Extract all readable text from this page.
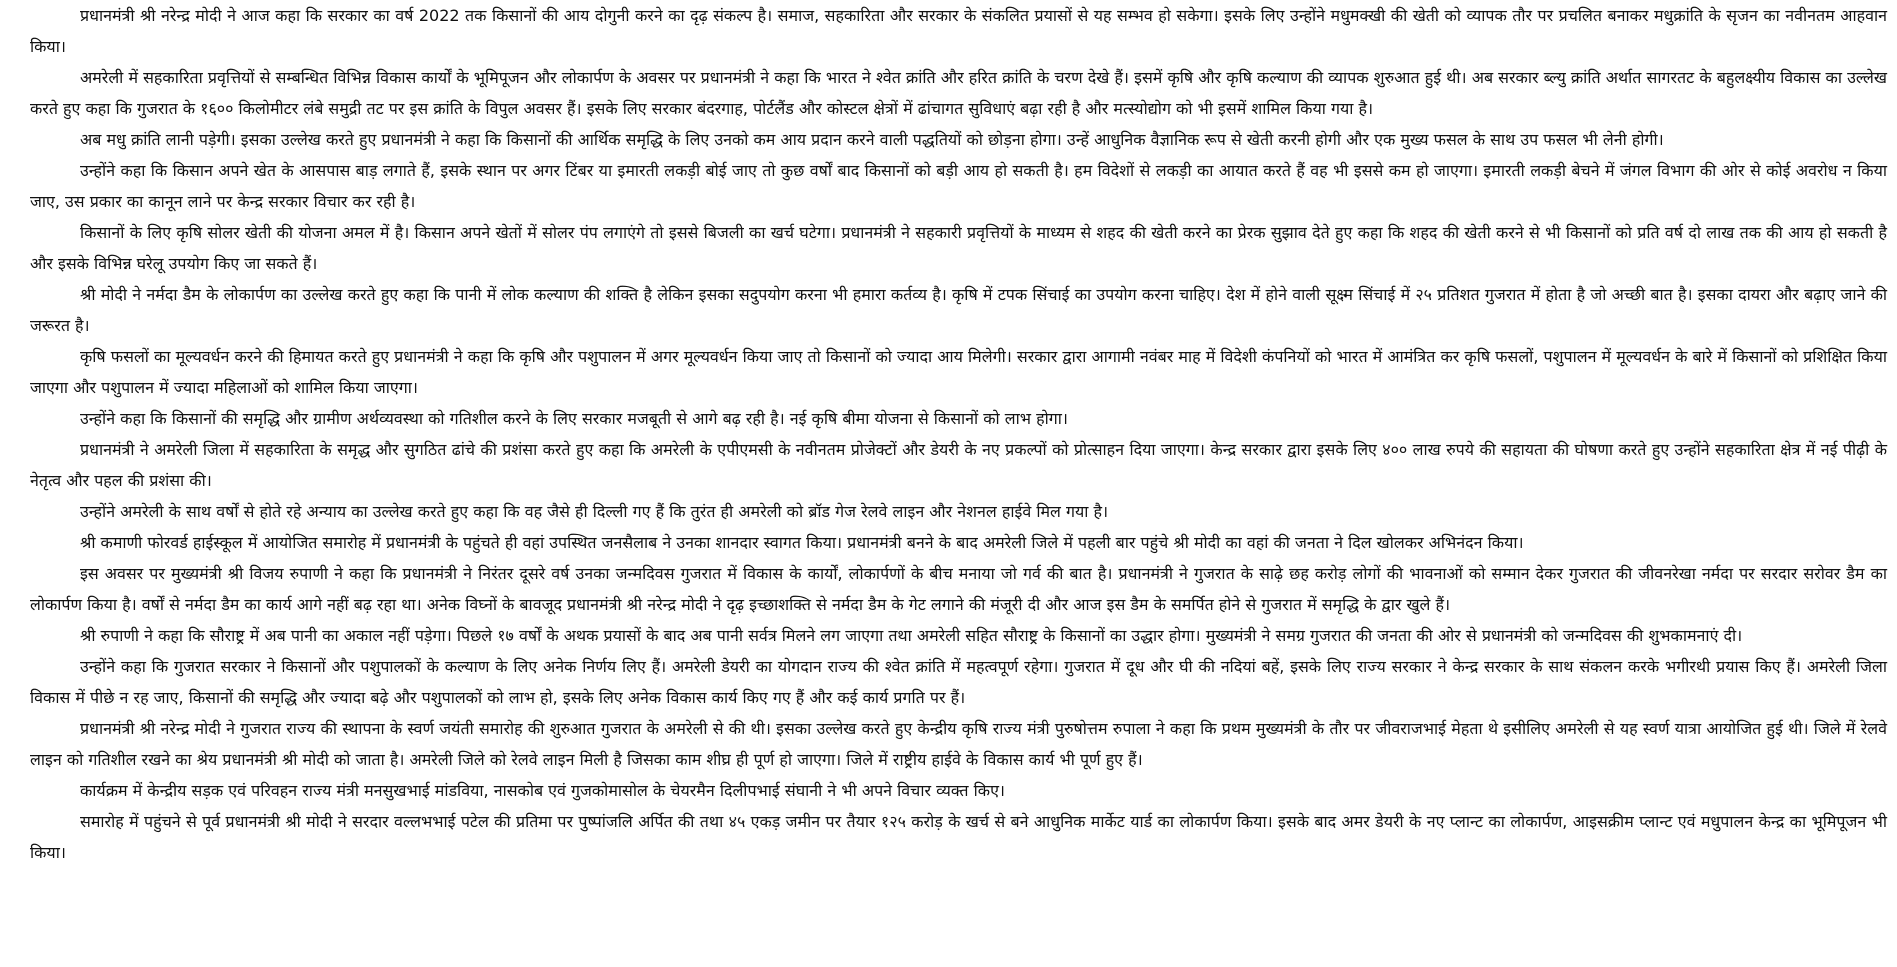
प्रधानमंत्री श्री नरेन्द्र मोदी ने आज कहा कि सरकार का वर्ष 2022 तक किसानों की आय दोगुनी करने का दृढ़ संकल्प है। समाज, सहकारिता और सरकार के संकलित प्रयासों से यह सम्भव हो सकेगा। इसके लिए उन्होंने मधुमक्खी की खेती को व्यापक तौर पर प्रचलित बनाकर मधुक्रांति के सृजन का नवीनतम आहवान किया।

अमरेली में सहकारिता प्रवृत्तियों से सम्बन्धित विभिन्न विकास कार्यों के भूमिपूजन और लोकार्पण के अवसर पर प्रधानमंत्री ने कहा कि भारत ने श्वेत क्रांति और हरित क्रांति के चरण देखे हैं। इसमें कृषि और कृषि कल्याण की व्यापक शुरुआत हुई थी। अब सरकार ब्ल्यु क्रांति अर्थात सागरतट के बहुलक्ष्यीय विकास का उल्लेख करते हुए कहा कि गुजरात के १६०० किलोमीटर लंबे समुद्री तट पर इस क्रांति के विपुल अवसर हैं। इसके लिए सरकार बंदरगाह, पोर्टलैंड और कोस्टल क्षेत्रों में ढांचागत सुविधाएं बढ़ा रही है और मत्स्योद्योग को भी इसमें शामिल किया गया है।

अब मधु क्रांति लानी पड़ेगी। इसका उल्लेख करते हुए प्रधानमंत्री ने कहा कि किसानों की आर्थिक समृद्धि के लिए उनको कम आय प्रदान करने वाली पद्धतियों को छोड़ना होगा। उन्हें आधुनिक वैज्ञानिक रूप से खेती करनी होगी और एक मुख्य फसल के साथ उप फसल भी लेनी होगी।

उन्होंने कहा कि किसान अपने खेत के आसपास बाड़ लगाते हैं, इसके स्थान पर अगर टिंबर या इमारती लकड़ी बोई जाए तो कुछ वर्षों बाद किसानों को बड़ी आय हो सकती है। हम विदेशों से लकड़ी का आयात करते हैं वह भी इससे कम हो जाएगा। इमारती लकड़ी बेचने में जंगल विभाग की ओर से कोई अवरोध न किया जाए, उस प्रकार का कानून लाने पर केन्द्र सरकार विचार कर रही है।

किसानों के लिए कृषि सोलर खेती की योजना अमल में है। किसान अपने खेतों में सोलर पंप लगाएंगे तो इससे बिजली का खर्च घटेगा। प्रधानमंत्री ने सहकारी प्रवृत्तियों के माध्यम से शहद की खेती करने का प्रेरक सुझाव देते हुए कहा कि शहद की खेती करने से भी किसानों को प्रति वर्ष दो लाख तक की आय हो सकती है और इसके विभिन्न घरेलू उपयोग किए जा सकते हैं।

श्री मोदी ने नर्मदा डैम के लोकार्पण का उल्लेख करते हुए कहा कि पानी में लोक कल्याण की शक्ति है लेकिन इसका सदुपयोग करना भी हमारा कर्तव्य है। कृषि में टपक सिंचाई का उपयोग करना चाहिए। देश में होने वाली सूक्ष्म सिंचाई में २५ प्रतिशत गुजरात में होता है जो अच्छी बात है। इसका दायरा और बढ़ाए जाने की जरूरत है।

कृषि फसलों का मूल्यवर्धन करने की हिमायत करते हुए प्रधानमंत्री ने कहा कि कृषि और पशुपालन में अगर मूल्यवर्धन किया जाए तो किसानों को ज्यादा आय मिलेगी। सरकार द्वारा आगामी नवंबर माह में विदेशी कंपनियों को भारत में आमंत्रित कर कृषि फसलों, पशुपालन में मूल्यवर्धन के बारे में किसानों को प्रशिक्षित किया जाएगा और पशुपालन में ज्यादा महिलाओं को शामिल किया जाएगा।

उन्होंने कहा कि किसानों की समृद्धि और ग्रामीण अर्थव्यवस्था को गतिशील करने के लिए सरकार मजबूती से आगे बढ़ रही है। नई कृषि बीमा योजना से किसानों को लाभ होगा।

प्रधानमंत्री ने अमरेली जिला में सहकारिता के समृद्ध और सुगठित ढांचे की प्रशंसा करते हुए कहा कि अमरेली के एपीएमसी के नवीनतम प्रोजेक्टों और डेयरी के नए प्रकल्पों को प्रोत्साहन दिया जाएगा। केन्द्र सरकार द्वारा इसके लिए ४०० लाख रुपये की सहायता की घोषणा करते हुए उन्होंने सहकारिता क्षेत्र में नई पीढ़ी के नेतृत्व और पहल की प्रशंसा की।

उन्होंने अमरेली के साथ वर्षों से होते रहे अन्याय का उल्लेख करते हुए कहा कि वह जैसे ही दिल्ली गए हैं कि तुरंत ही अमरेली को ब्रॉड गेज रेलवे लाइन और नेशनल हाईवे मिल गया है।

श्री कमाणी फोरवर्ड हाईस्कूल में आयोजित समारोह में प्रधानमंत्री के पहुंचते ही वहां उपस्थित जनसैलाब ने उनका शानदार स्वागत किया। प्रधानमंत्री बनने के बाद अमरेली जिले में पहली बार पहुंचे श्री मोदी का वहां की जनता ने दिल खोलकर अभिनंदन किया।

इस अवसर पर मुख्यमंत्री श्री विजय रुपाणी ने कहा कि प्रधानमंत्री ने निरंतर दूसरे वर्ष उनका जन्मदिवस गुजरात में विकास के कार्यों, लोकार्पणों के बीच मनाया जो गर्व की बात है। प्रधानमंत्री ने गुजरात के साढ़े छह करोड़ लोगों की भावनाओं को सम्मान देकर गुजरात की जीवनरेखा नर्मदा पर सरदार सरोवर डैम का लोकार्पण किया है। वर्षों से नर्मदा डैम का कार्य आगे नहीं बढ़ रहा था। अनेक विघ्नों के बावजूद प्रधानमंत्री श्री नरेन्द्र मोदी ने दृढ़ इच्छाशक्ति से नर्मदा डैम के गेट लगाने की मंजूरी दी और आज इस डैम के समर्पित होने से गुजरात में समृद्धि के द्वार खुले हैं।

श्री रुपाणी ने कहा कि सौराष्ट्र में अब पानी का अकाल नहीं पड़ेगा। पिछले १७ वर्षों के अथक प्रयासों के बाद अब पानी सर्वत्र मिलने लग जाएगा तथा अमरेली सहित सौराष्ट्र के किसानों का उद्धार होगा। मुख्यमंत्री ने समग्र गुजरात की जनता की ओर से प्रधानमंत्री को जन्मदिवस की शुभकामनाएं दी।

उन्होंने कहा कि गुजरात सरकार ने किसानों और पशुपालकों के कल्याण के लिए अनेक निर्णय लिए हैं। अमरेली डेयरी का योगदान राज्य की श्वेत क्रांति में महत्वपूर्ण रहेगा। गुजरात में दूध और घी की नदियां बहें, इसके लिए राज्य सरकार ने केन्द्र सरकार के साथ संकलन करके भगीरथी प्रयास किए हैं। अमरेली जिला विकास में पीछे न रह जाए, किसानों की समृद्धि और ज्यादा बढ़े और पशुपालकों को लाभ हो, इसके लिए अनेक विकास कार्य किए गए हैं और कई कार्य प्रगति पर हैं।

प्रधानमंत्री श्री नरेन्द्र मोदी ने गुजरात राज्य की स्थापना के स्वर्ण जयंती समारोह की शुरुआत गुजरात के अमरेली से की थी। इसका उल्लेख करते हुए केन्द्रीय कृषि राज्य मंत्री पुरुषोत्तम रुपाला ने कहा कि प्रथम मुख्यमंत्री के तौर पर जीवराजभाई मेहता थे इसीलिए अमरेली से यह स्वर्ण यात्रा आयोजित हुई थी। जिले में रेलवे लाइन को गतिशील रखने का श्रेय प्रधानमंत्री श्री मोदी को जाता है। अमरेली जिले को रेलवे लाइन मिली है जिसका काम शीघ्र ही पूर्ण हो जाएगा। जिले में राष्ट्रीय हाईवे के विकास कार्य भी पूर्ण हुए हैं।

कार्यक्रम में केन्द्रीय सड़क एवं परिवहन राज्य मंत्री मनसुखभाई मांडविया, नासकोब एवं गुजकोमासोल के चेयरमैन दिलीपभाई संघानी ने भी अपने विचार व्यक्त किए।

समारोह में पहुंचने से पूर्व प्रधानमंत्री श्री मोदी ने सरदार वल्लभभाई पटेल की प्रतिमा पर पुष्पांजलि अर्पित की तथा ४५ एकड़ जमीन पर तैयार १२५ करोड़ के खर्च से बने आधुनिक मार्केट यार्ड का लोकार्पण किया। इसके बाद अमर डेयरी के नए प्लान्ट का लोकार्पण, आइसक्रीम प्लान्ट एवं मधुपालन केन्द्र का भूमिपूजन भी किया।
